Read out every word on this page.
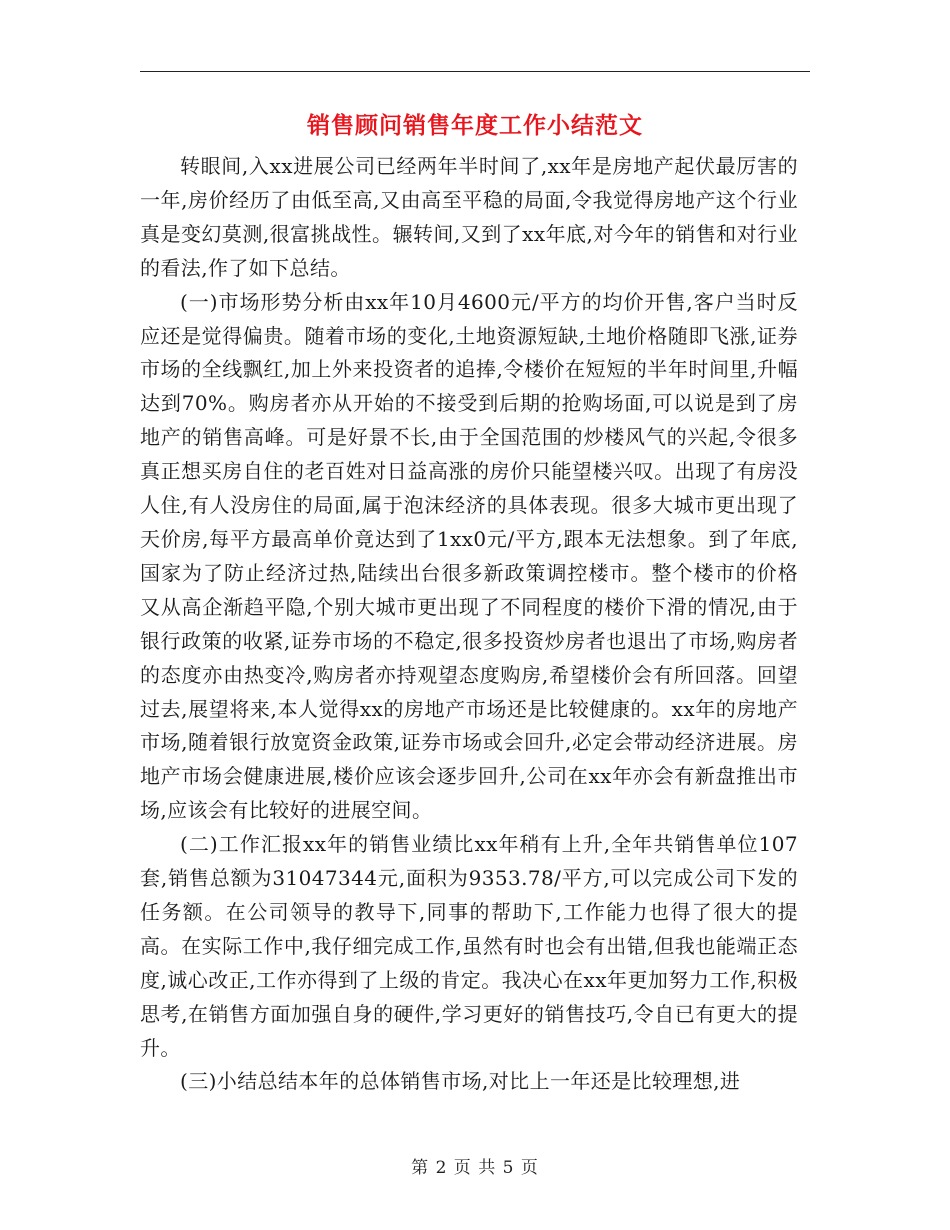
销售顾问销售年度工作小结范文

转眼间,入xx进展公司已经两年半时间了,xx年是房地产起伏最厉害的一年,房价经历了由低至高,又由高至平稳的局面,令我觉得房地产这个行业真是变幻莫测,很富挑战性。辗转间,又到了xx年底,对今年的销售和对行业的看法,作了如下总结。

(一)市场形势分析由xx年10月4600元/平方的均价开售,客户当时反应还是觉得偏贵。随着市场的变化,土地资源短缺,土地价格随即飞涨,证券市场的全线飘红,加上外来投资者的追捧,令楼价在短短的半年时间里,升幅达到70%。购房者亦从开始的不接受到后期的抢购场面,可以说是到了房地产的销售高峰。可是好景不长,由于全国范围的炒楼风气的兴起,令很多真正想买房自住的老百姓对日益高涨的房价只能望楼兴叹。出现了有房没人住,有人没房住的局面,属于泡沫经济的具体表现。很多大城市更出现了天价房,每平方最高单价竟达到了1xx0元/平方,跟本无法想象。到了年底,国家为了防止经济过热,陆续出台很多新政策调控楼市。整个楼市的价格又从高企渐趋平隐,个别大城市更出现了不同程度的楼价下滑的情况,由于银行政策的收紧,证券市场的不稳定,很多投资炒房者也退出了市场,购房者的态度亦由热变冷,购房者亦持观望态度购房,希望楼价会有所回落。回望过去,展望将来,本人觉得xx的房地产市场还是比较健康的。xx年的房地产市场,随着银行放宽资金政策,证券市场或会回升,必定会带动经济进展。房地产市场会健康进展,楼价应该会逐步回升,公司在xx年亦会有新盘推出市场,应该会有比较好的进展空间。

(二)工作汇报xx年的销售业绩比xx年稍有上升,全年共销售单位107套,销售总额为31047344元,面积为9353.78/平方,可以完成公司下发的任务额。在公司领导的教导下,同事的帮助下,工作能力也得了很大的提高。在实际工作中,我仔细完成工作,虽然有时也会有出错,但我也能端正态度,诚心改正,工作亦得到了上级的肯定。我决心在xx年更加努力工作,积极思考,在销售方面加强自身的硬件,学习更好的销售技巧,令自已有更大的提升。

(三)小结总结本年的总体销售市场,对比上一年还是比较理想,进

第 2 页 共 5 页
